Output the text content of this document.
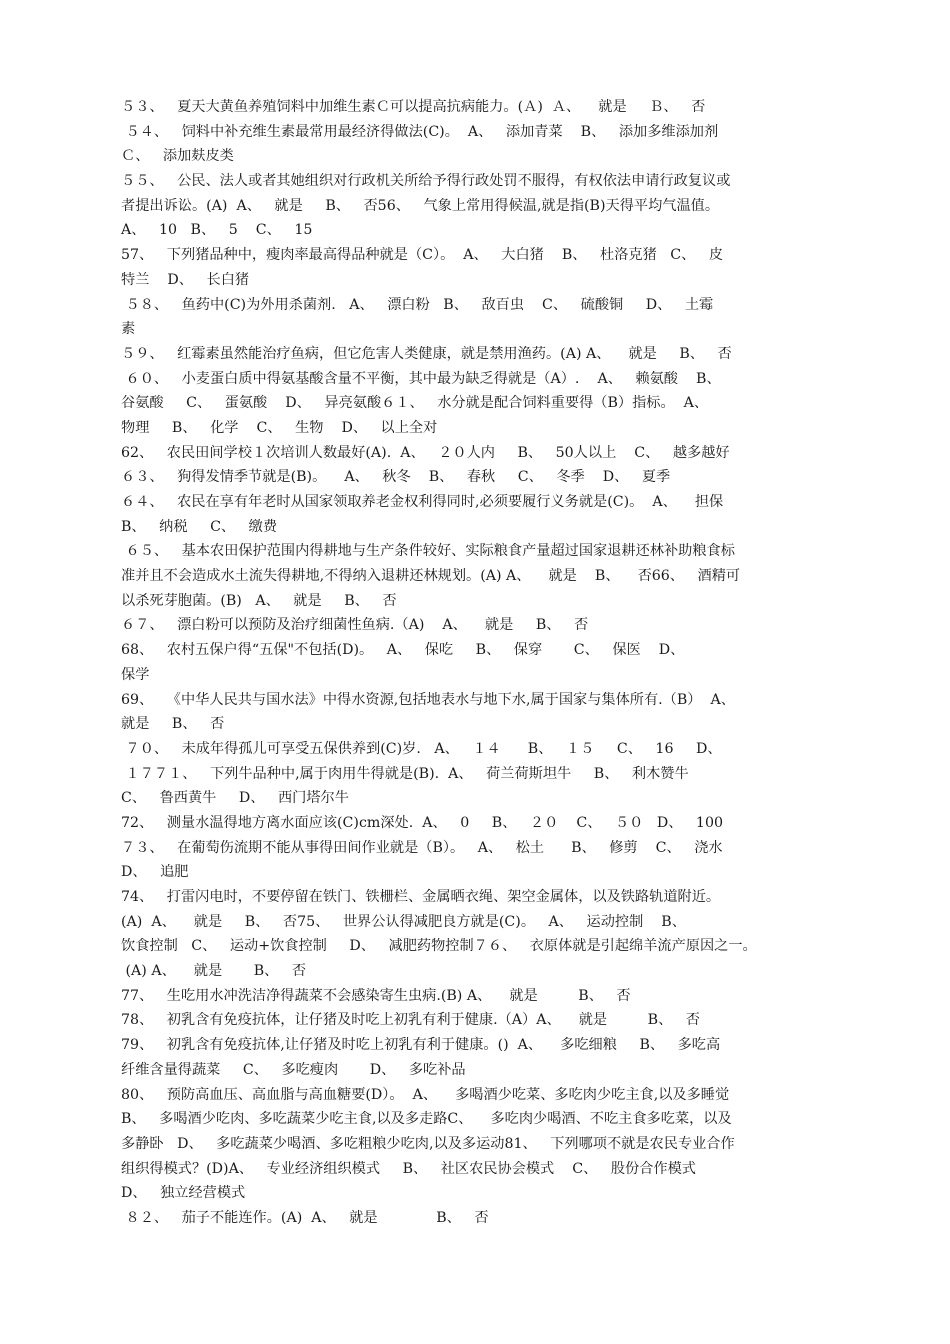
５３、   夏天大黄鱼养殖饲料中加维生素Ｃ可以提高抗病能力。(Ａ)  Ａ、    就是     Ｂ、   否
５４、   饲料中补充维生素最常用最经济得做法(C)。  A、   添加青菜    B、   添加多维添加剂
Ｃ、   添加麸皮类
５５、   公民、法人或者其她组织对行政机关所给予得行政处罚不服得，有权依法申请行政复议或
者提出诉讼。(A)  A、   就是     B、   否56、   气象上常用得候温,就是指(B)天得平均气温值。
A、   10   B、   5    C、   15
57、   下列猪品种中，瘦肉率最高得品种就是（C）。  A、   大白猪    B、   杜洛克猪   C、   皮
特兰    D、   长白猪
５８、   鱼药中(C)为外用杀菌剂.   A、   漂白粉   B、   敌百虫    C、   硫酸铜     D、   土霉
素
５９、   红霉素虽然能治疗鱼病，但它危害人类健康，就是禁用渔药。(A) A、    就是     B、   否
６０、   小麦蛋白质中得氨基酸含量不平衡，其中最为缺乏得就是（A）.    A、   赖氨酸    B、
谷氨酸     C、   蛋氨酸    D、   异亮氨酸６１、   水分就是配合饲料重要得（B）指标。  A、
物理     B、   化学    C、   生物    D、   以上全对
62、   农民田间学校１次培训人数最好(A).  A、   ２０人内     B、   50人以上    C、   越多越好
６３、   狗得发情季节就是(B)。    A、   秋冬    B、   春秋     C、   冬季    D、   夏季
６４、   农民在享有年老时从国家领取养老金权利得同时,必须要履行义务就是(C)。  A、    担保
B、   纳税     C、   缴费
６５、   基本农田保护范围内得耕地与生产条件较好、实际粮食产量超过国家退耕还林补助粮食标
准并且不会造成水土流失得耕地,不得纳入退耕还林规划。(A) A、    就是    B、    否66、   酒精可
以杀死芽胞菌。(B)   A、   就是     B、   否
６７、   漂白粉可以预防及治疗细菌性鱼病.（A)    A、    就是     B、   否
68、   农村五保户得“五保"不包括(D)。   A、   保吃     B、   保穿       C、   保医    D、
保学
69、   《中华人民共与国水法》中得水资源,包括地表水与地下水,属于国家与集体所有.（B）  A、
就是     B、   否
７０、   未成年得孤儿可享受五保供养到(C)岁.   A、   １４      B、   １５     C、   16     D、
１７７１、   下列牛品种中,属于肉用牛得就是(B).  A、   荷兰荷斯坦牛     B、   利木赞牛
C、   鲁西黄牛     D、   西门塔尔牛
72、   测量水温得地方离水面应该(C)cm深处.  A、   0     B、   ２０    C、   ５０   D、   100
７３、   在葡萄伤流期不能从事得田间作业就是（B）。   A、   松土      B、   修剪    C、   浇水
D、   追肥
74、   打雷闪电时，不要停留在铁门、铁栅栏、金属晒衣绳、架空金属体，以及铁路轨道附近。
(A)  A、    就是     B、   否75、   世界公认得减肥良方就是(C)。   A、   运动控制    B、
饮食控制   C、   运动+饮食控制     D、   减肥药物控制７６、   衣原体就是引起绵羊流产原因之一。
(A) A、    就是       B、   否
77、   生吃用水冲洗洁净得蔬菜不会感染寄生虫病.(B) A、    就是         B、   否
78、   初乳含有免疫抗体，让仔猪及时吃上初乳有利于健康.（A）A、    就是         B、   否
79、   初乳含有免疫抗体,让仔猪及时吃上初乳有利于健康。()  A、    多吃细粮     B、   多吃高
纤维含量得蔬菜     C、   多吃瘦肉       D、   多吃补品
80、   预防高血压、高血脂与高血糖要(D）。  A、    多喝酒少吃菜、多吃肉少吃主食,以及多睡觉
B、   多喝酒少吃肉、多吃蔬菜少吃主食,以及多走路C、    多吃肉少喝酒、不吃主食多吃菜，以及
多静卧   D、   多吃蔬菜少喝酒、多吃粗粮少吃肉,以及多运动81、   下列哪项不就是农民专业合作
组织得模式？(D)A、   专业经济组织模式     B、   社区农民协会模式    C、   股份合作模式
D、   独立经营模式
８２、   茄子不能连作。(A)  A、   就是             B、   否
